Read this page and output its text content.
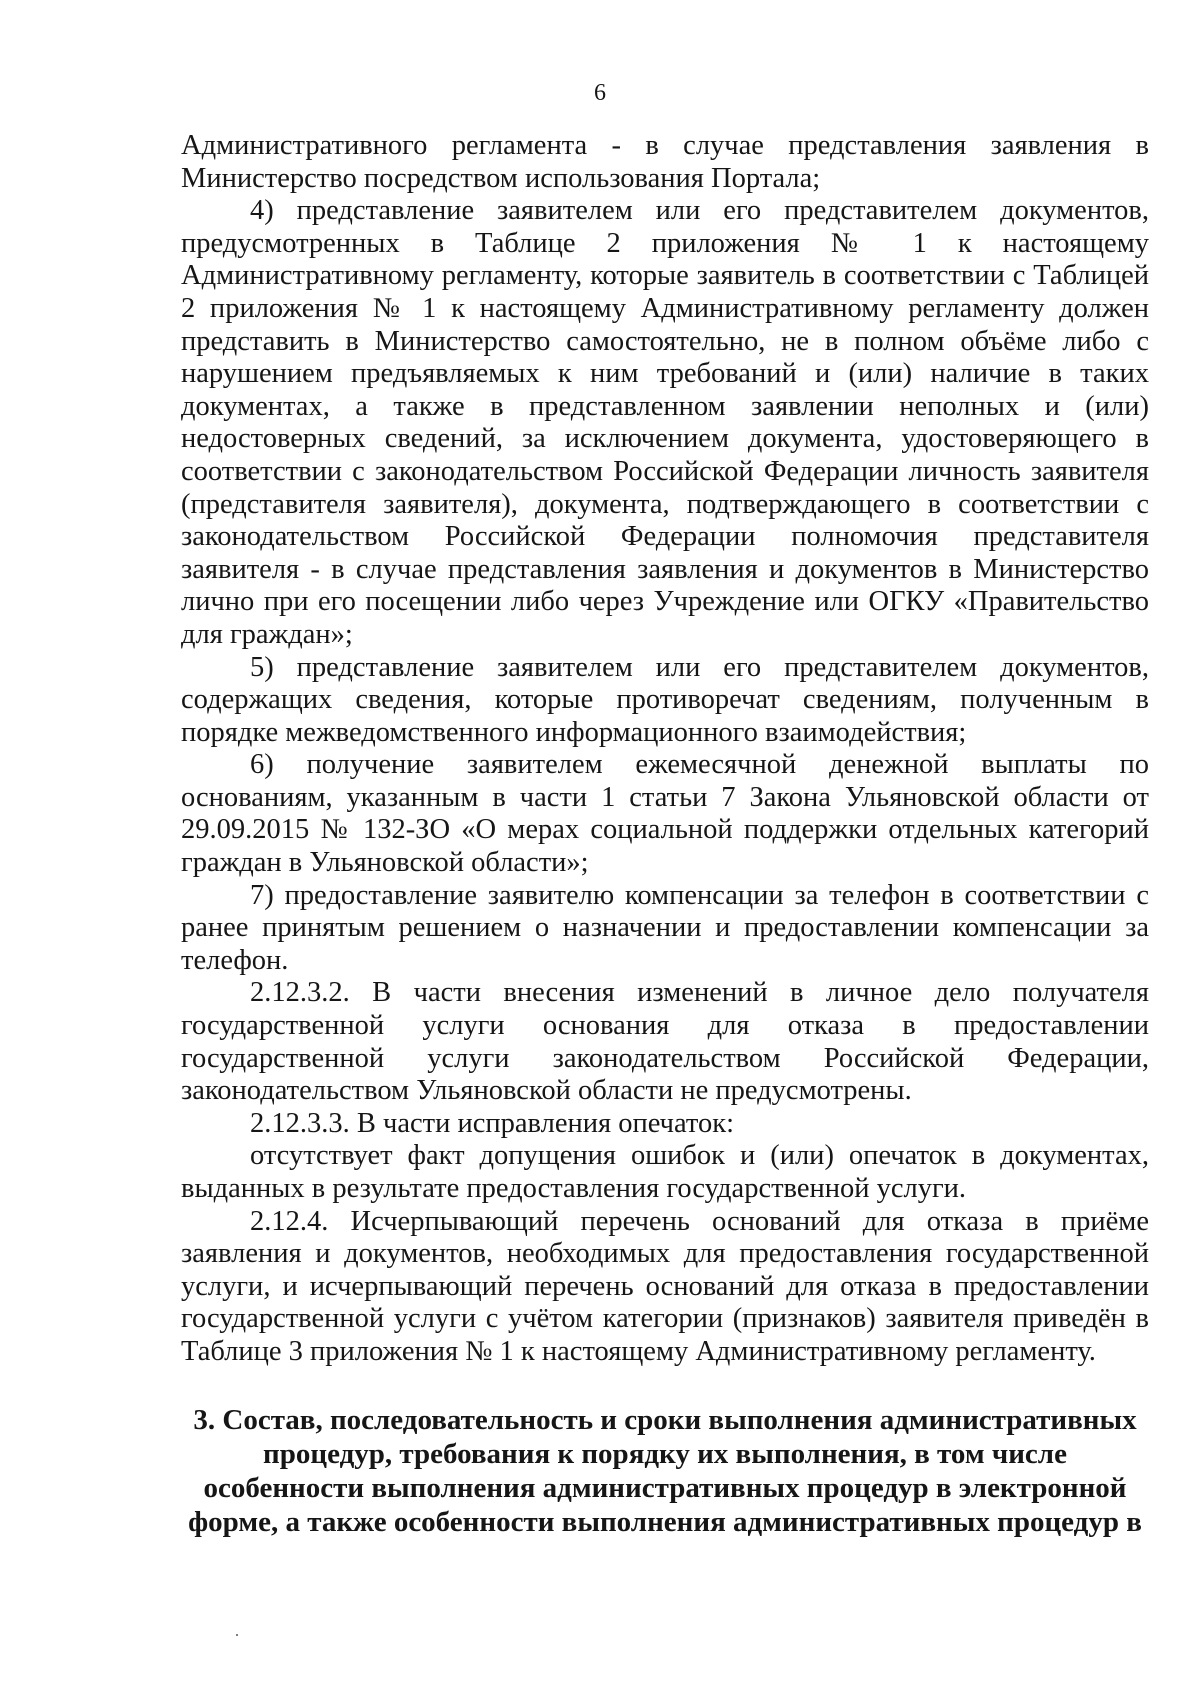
6

Административного регламента - в случае представления заявления в Министерство посредством использования Портала;

4) представление заявителем или его представителем документов, предусмотренных в Таблице 2 приложения № 1 к настоящему Административному регламенту, которые заявитель в соответствии с Таблицей 2 приложения № 1 к настоящему Административному регламенту должен представить в Министерство самостоятельно, не в полном объёме либо с нарушением предъявляемых к ним требований и (или) наличие в таких документах, а также в представленном заявлении неполных и (или) недостоверных сведений, за исключением документа, удостоверяющего в соответствии с законодательством Российской Федерации личность заявителя (представителя заявителя), документа, подтверждающего в соответствии с законодательством Российской Федерации полномочия представителя заявителя - в случае представления заявления и документов в Министерство лично при его посещении либо через Учреждение или ОГКУ «Правительство для граждан»;

5) представление заявителем или его представителем документов, содержащих сведения, которые противоречат сведениям, полученным в порядке межведомственного информационного взаимодействия;

6) получение заявителем ежемесячной денежной выплаты по основаниям, указанным в части 1 статьи 7 Закона Ульяновской области от 29.09.2015 № 132-ЗО «О мерах социальной поддержки отдельных категорий граждан в Ульяновской области»;

7) предоставление заявителю компенсации за телефон в соответствии с ранее принятым решением о назначении и предоставлении компенсации за телефон.

2.12.3.2. В части внесения изменений в личное дело получателя государственной услуги основания для отказа в предоставлении государственной услуги законодательством Российской Федерации, законодательством Ульяновской области не предусмотрены.

2.12.3.3. В части исправления опечаток:

отсутствует факт допущения ошибок и (или) опечаток в документах, выданных в результате предоставления государственной услуги.

2.12.4. Исчерпывающий перечень оснований для отказа в приёме заявления и документов, необходимых для предоставления государственной услуги, и исчерпывающий перечень оснований для отказа в предоставлении государственной услуги с учётом категории (признаков) заявителя приведён в Таблице 3 приложения № 1 к настоящему Административному регламенту.

3. Состав, последовательность и сроки выполнения административных процедур, требования к порядку их выполнения, в том числе особенности выполнения административных процедур в электронной форме, а также особенности выполнения административных процедур в
